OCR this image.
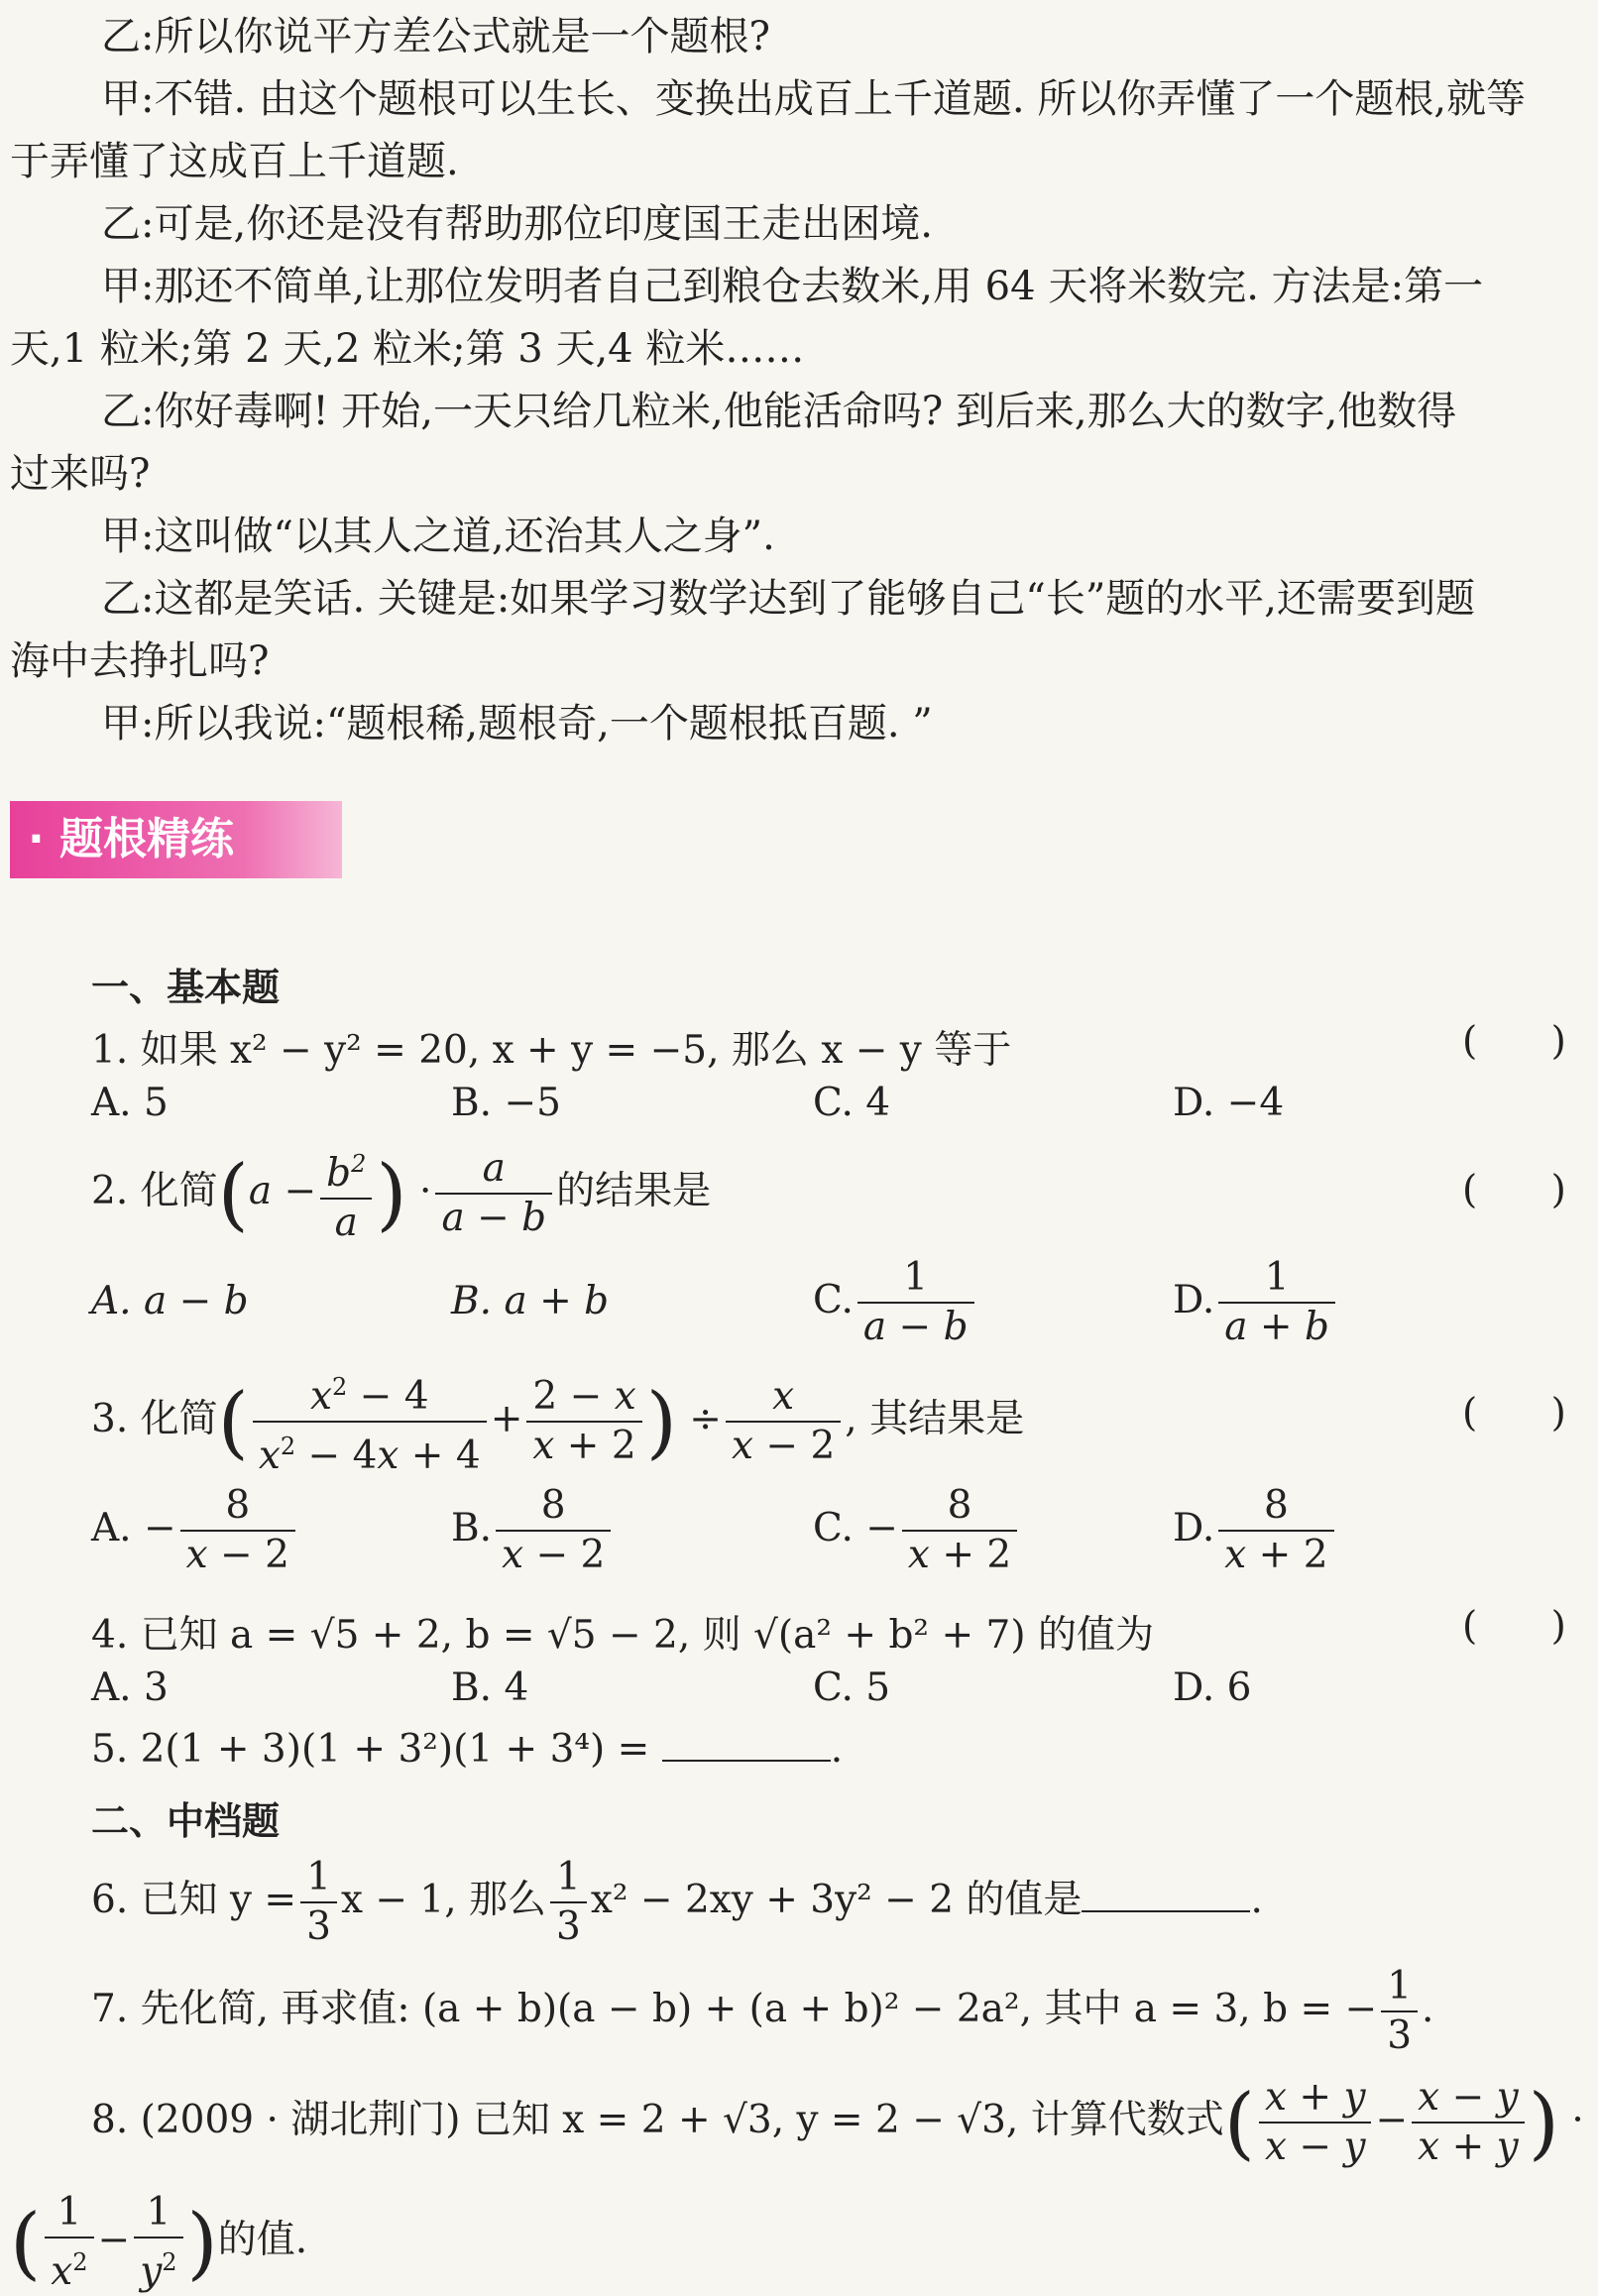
乙:所以你说平方差公式就是一个题根?

甲:不错. 由这个题根可以生长、变换出成百上千道题. 所以你弄懂了一个题根,就等

于弄懂了这成百上千道题.

乙:可是,你还是没有帮助那位印度国王走出困境.

甲:那还不简单,让那位发明者自己到粮仓去数米,用 64 天将米数完. 方法是:第一

天,1 粒米;第 2 天,2 粒米;第 3 天,4 粒米……

乙:你好毒啊! 开始,一天只给几粒米,他能活命吗? 到后来,那么大的数字,他数得

过来吗?

甲:这叫做“以其人之道,还治其人之身”.

乙:这都是笑话. 关键是:如果学习数学达到了能够自己“长”题的水平,还需要到题

海中去挣扎吗?

甲:所以我说:“题根稀,题根奇,一个题根抵百题. ”

· 题根精练
一、基本题
1. 如果 x² − y² = 20, x + y = −5, 那么 x − y 等于	(      )
A. 5	B. −5	C. 4	D. −4
2. 化简($a - \frac{b^2}{a}$ ) · $\frac{a}{a - b}$ 的结果是	(      )
A. a − b	B. a + b	C. $\frac{1}{a - b}$	D. $\frac{1}{a + b}$
3. 化简( $\frac{x^2 - 4}{x^2 - 4x + 4} + \frac{2 - x}{x + 2}$ ) ÷ $\frac{x}{x - 2}$ , 其结果是	(      )
A. − $\frac{8}{x - 2}$	B. $\frac{8}{x - 2}$	C. − $\frac{8}{x + 2}$	D. $\frac{8}{x + 2}$
4. 已知 a = √5 + 2, b = √5 − 2, 则 √(a² + b² + 7) 的值为	(      )
A. 3	B. 4	C. 5	D. 6
5. 2(1 + 3)(1 + 3²)(1 + 3⁴) =	.
二、中档题
6. 已知 $y = \frac{1}{3}$ x − 1, 那么 $\frac{1}{3} x^2 - 2xy + 3y^2 - 2$ 的值是	.
7. 先化简, 再求值: (a + b)(a − b) + (a + b)² − 2a², 其中 a = 3, b = − $\frac{1}{3}$ .
8. (2009 · 湖北荆门) 已知 x = 2 + √3, y = 2 − √3, 计算代数式( $\frac{x + y}{x - y} - \frac{x - y}{x + y}$ ) ·
( $\frac{1}{x^2} - \frac{1}{y^2}$ )的值.
